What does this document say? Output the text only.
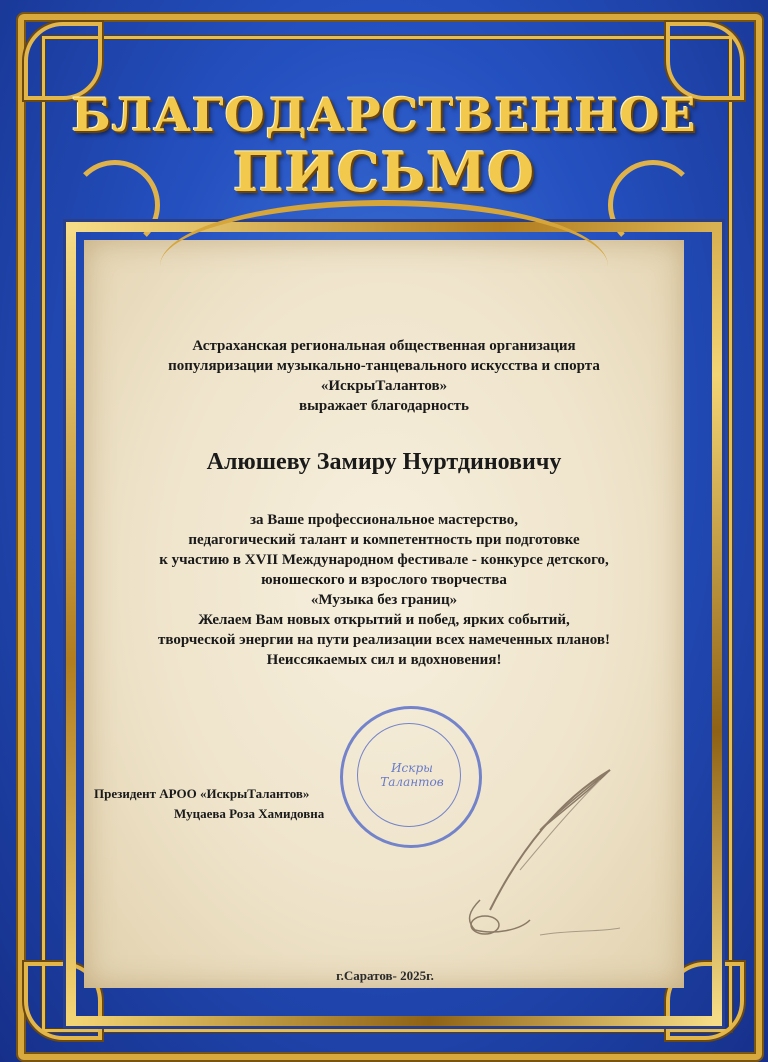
БЛАГОДАРСТВЕННОЕ
ПИСЬМО

Астраханская региональная общественная организация

популяризации музыкально-танцевального искусства и спорта

«ИскрыТалантов»

выражает благодарность

Алюшеву Замиру Нуртдиновичу

за Ваше профессиональное мастерство,

педагогический талант и компетентность при подготовке

к участию в XVII Международном фестивале - конкурсе детского,

юношеского и взрослого творчества

«Музыка без границ»

Желаем Вам новых открытий и побед, ярких событий,

творческой энергии на пути реализации всех намеченных планов!

Неиссякаемых сил и вдохновения!

Искры Талантов
Президент АРОО «ИскрыТалантов»
Муцаева Роза Хамидовна
г.Саратов- 2025г.
